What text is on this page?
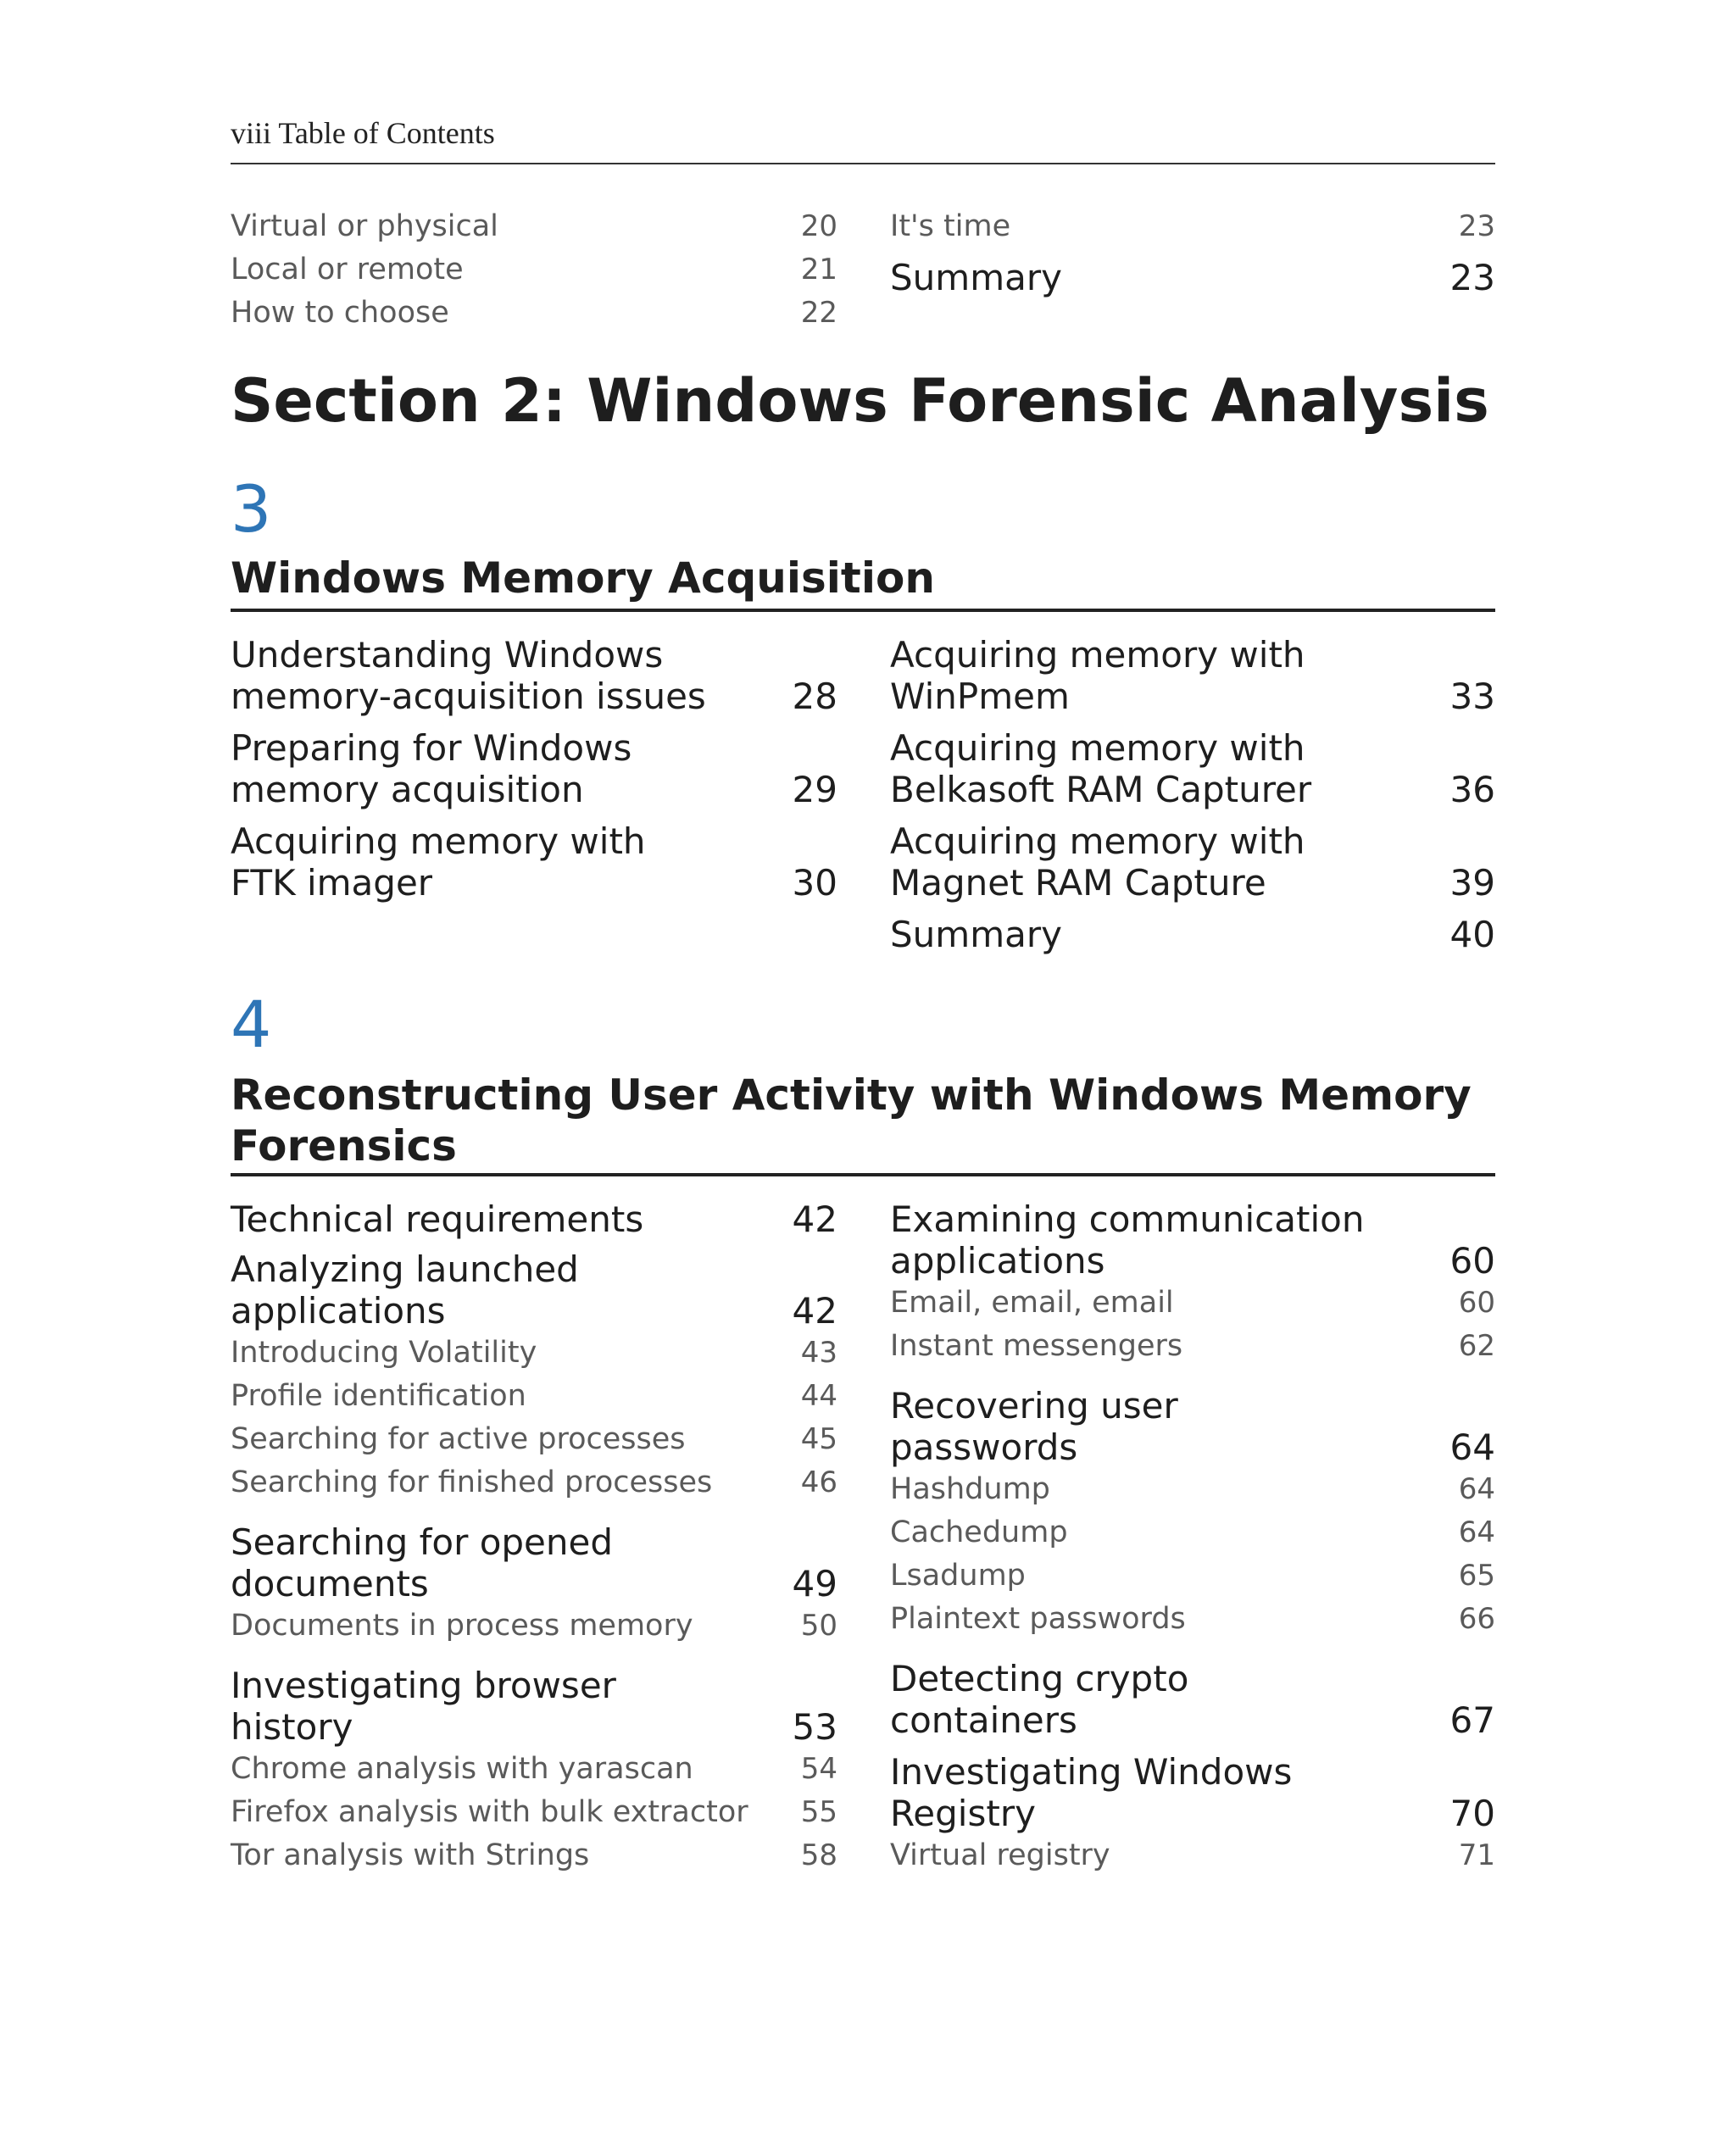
viii Table of Contents
Virtual or physical	20
Local or remote	21
How to choose	22
It's time	23
Summary	23
Section 2: Windows Forensic Analysis
3
Windows Memory Acquisition
Understanding Windows
memory-acquisition issues	28
Preparing for Windows
memory acquisition	29
Acquiring memory with
FTK imager	30
Acquiring memory with
WinPmem	33
Acquiring memory with
Belkasoft RAM Capturer	36
Acquiring memory with
Magnet RAM Capture	39
Summary	40
4
Reconstructing User Activity with Windows Memory
Forensics
Technical requirements	42
Analyzing launched
applications	42
Introducing Volatility	43
Profile identification	44
Searching for active processes	45
Searching for finished processes	46
Searching for opened
documents	49
Documents in process memory	50
Investigating browser
history	53
Chrome analysis with yarascan	54
Firefox analysis with bulk extractor	55
Tor analysis with Strings	58
Examining communication
applications	60
Email, email, email	60
Instant messengers	62
Recovering user
passwords	64
Hashdump	64
Cachedump	64
Lsadump	65
Plaintext passwords	66
Detecting crypto
containers	67
Investigating Windows
Registry	70
Virtual registry	71
